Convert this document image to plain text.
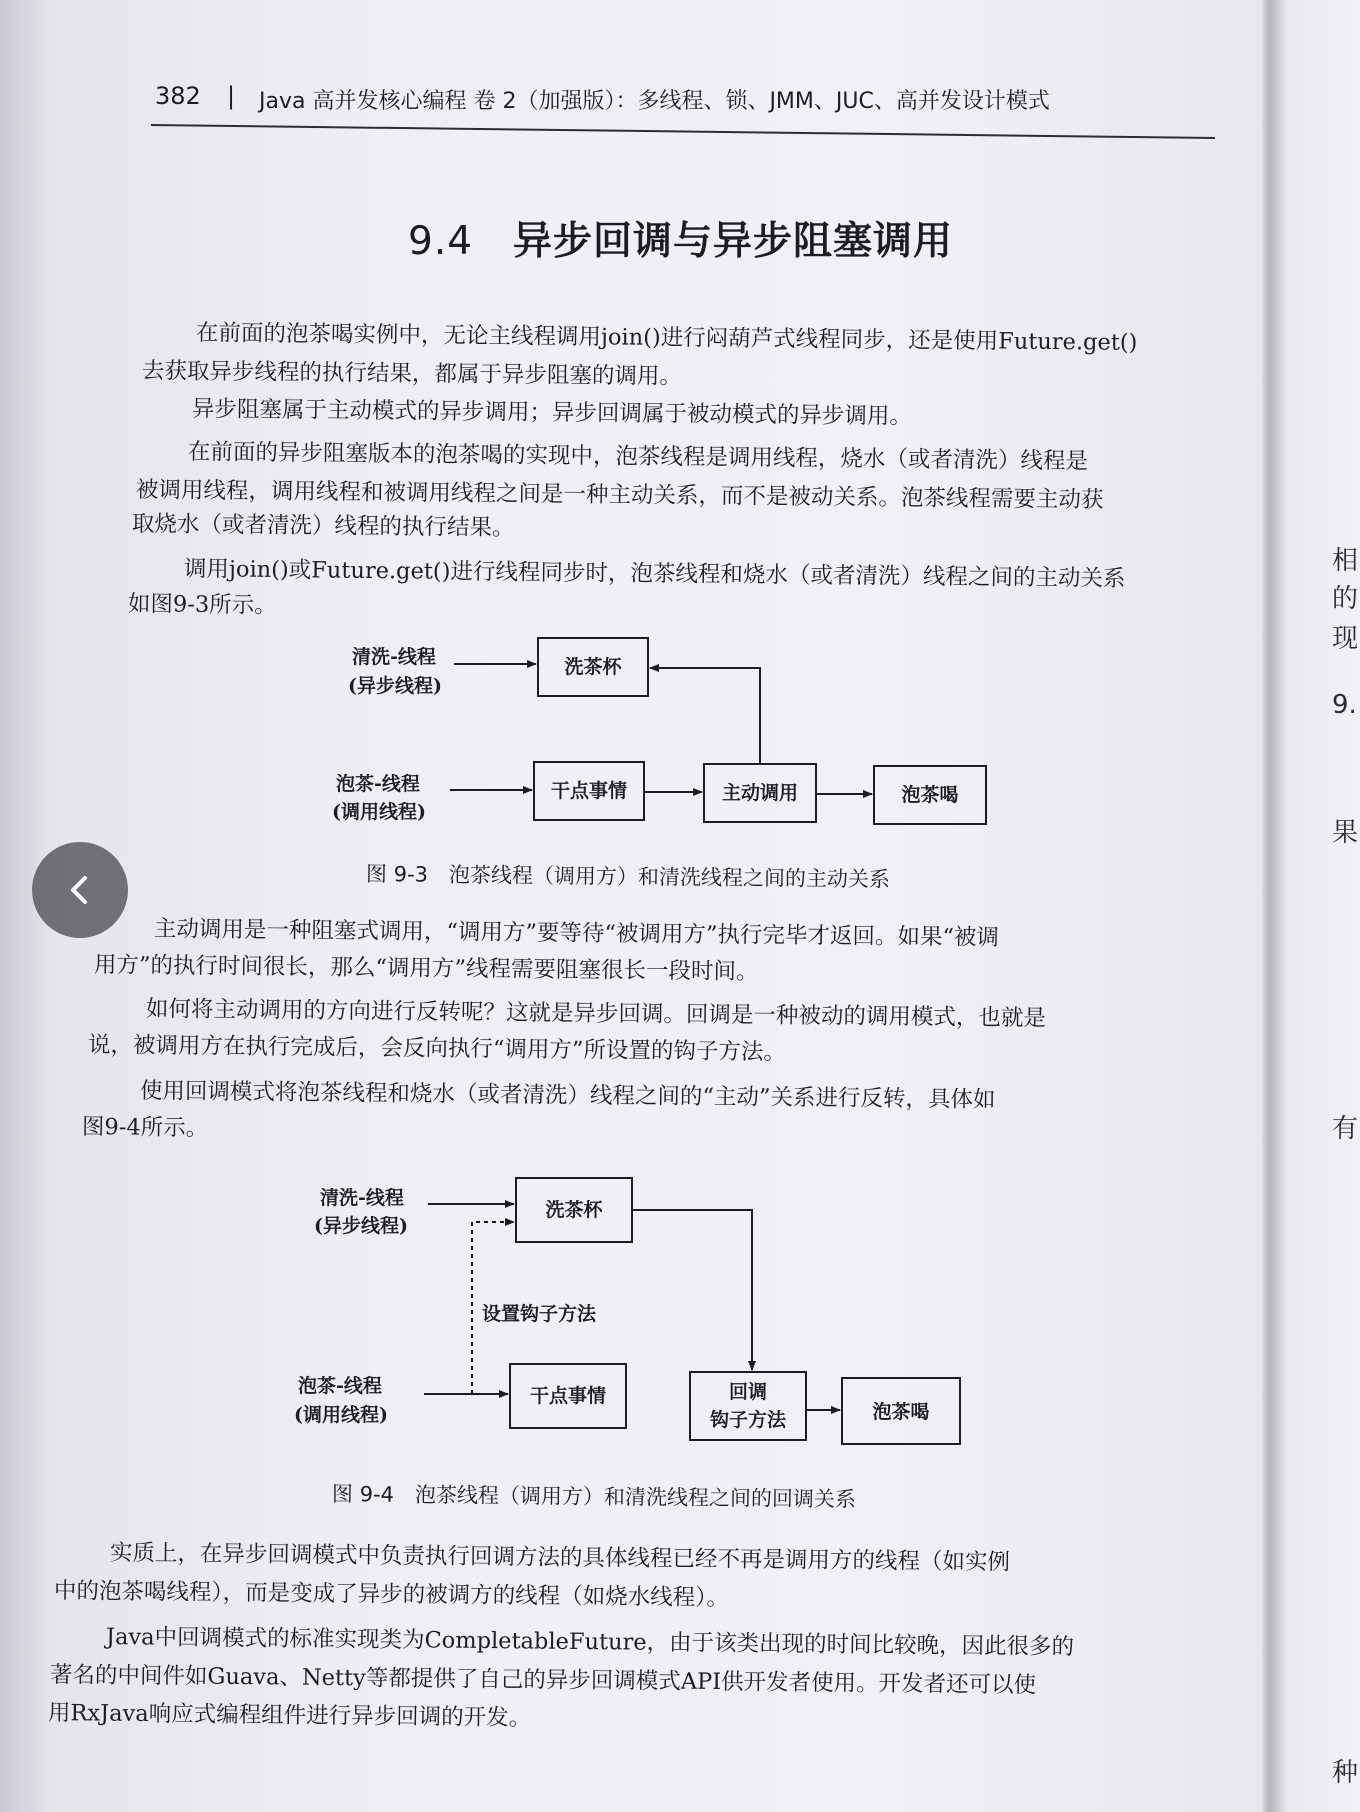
相
的
现
9.
果
有
种
382 | Java 高并发核心编程 卷 2（加强版）：多线程、锁、JMM、JUC、高并发设计模式
9.4 异步回调与异步阻塞调用
在前面的泡茶喝实例中，无论主线程调用join()进行闷葫芦式线程同步，还是使用Future.get()
去获取异步线程的执行结果，都属于异步阻塞的调用。
异步阻塞属于主动模式的异步调用；异步回调属于被动模式的异步调用。
在前面的异步阻塞版本的泡茶喝的实现中，泡茶线程是调用线程，烧水（或者清洗）线程是
被调用线程，调用线程和被调用线程之间是一种主动关系，而不是被动关系。泡茶线程需要主动获
取烧水（或者清洗）线程的执行结果。
调用join()或Future.get()进行线程同步时，泡茶线程和烧水（或者清洗）线程之间的主动关系
如图9-3所示。
清洗-线程
(异步线程)
泡茶-线程
(调用线程)
洗茶杯
干点事情	主动调用	泡茶喝
图 9-3　泡茶线程（调用方）和清洗线程之间的主动关系
主动调用是一种阻塞式调用，“调用方”要等待“被调用方”执行完毕才返回。如果“被调
用方”的执行时间很长，那么“调用方”线程需要阻塞很长一段时间。
如何将主动调用的方向进行反转呢？这就是异步回调。回调是一种被动的调用模式，也就是
说，被调用方在执行完成后，会反向执行“调用方”所设置的钩子方法。
使用回调模式将泡茶线程和烧水（或者清洗）线程之间的“主动”关系进行反转，具体如
图9-4所示。
清洗-线程
(异步线程)
设置钩子方法
泡茶-线程
(调用线程)
洗茶杯
干点事情	回调
钩子方法	泡茶喝
图 9-4　泡茶线程（调用方）和清洗线程之间的回调关系
实质上，在异步回调模式中负责执行回调方法的具体线程已经不再是调用方的线程（如实例
中的泡茶喝线程），而是变成了异步的被调方的线程（如烧水线程）。
Java中回调模式的标准实现类为CompletableFuture，由于该类出现的时间比较晚，因此很多的
著名的中间件如Guava、Netty等都提供了自己的异步回调模式API供开发者使用。开发者还可以使
用RxJava响应式编程组件进行异步回调的开发。
